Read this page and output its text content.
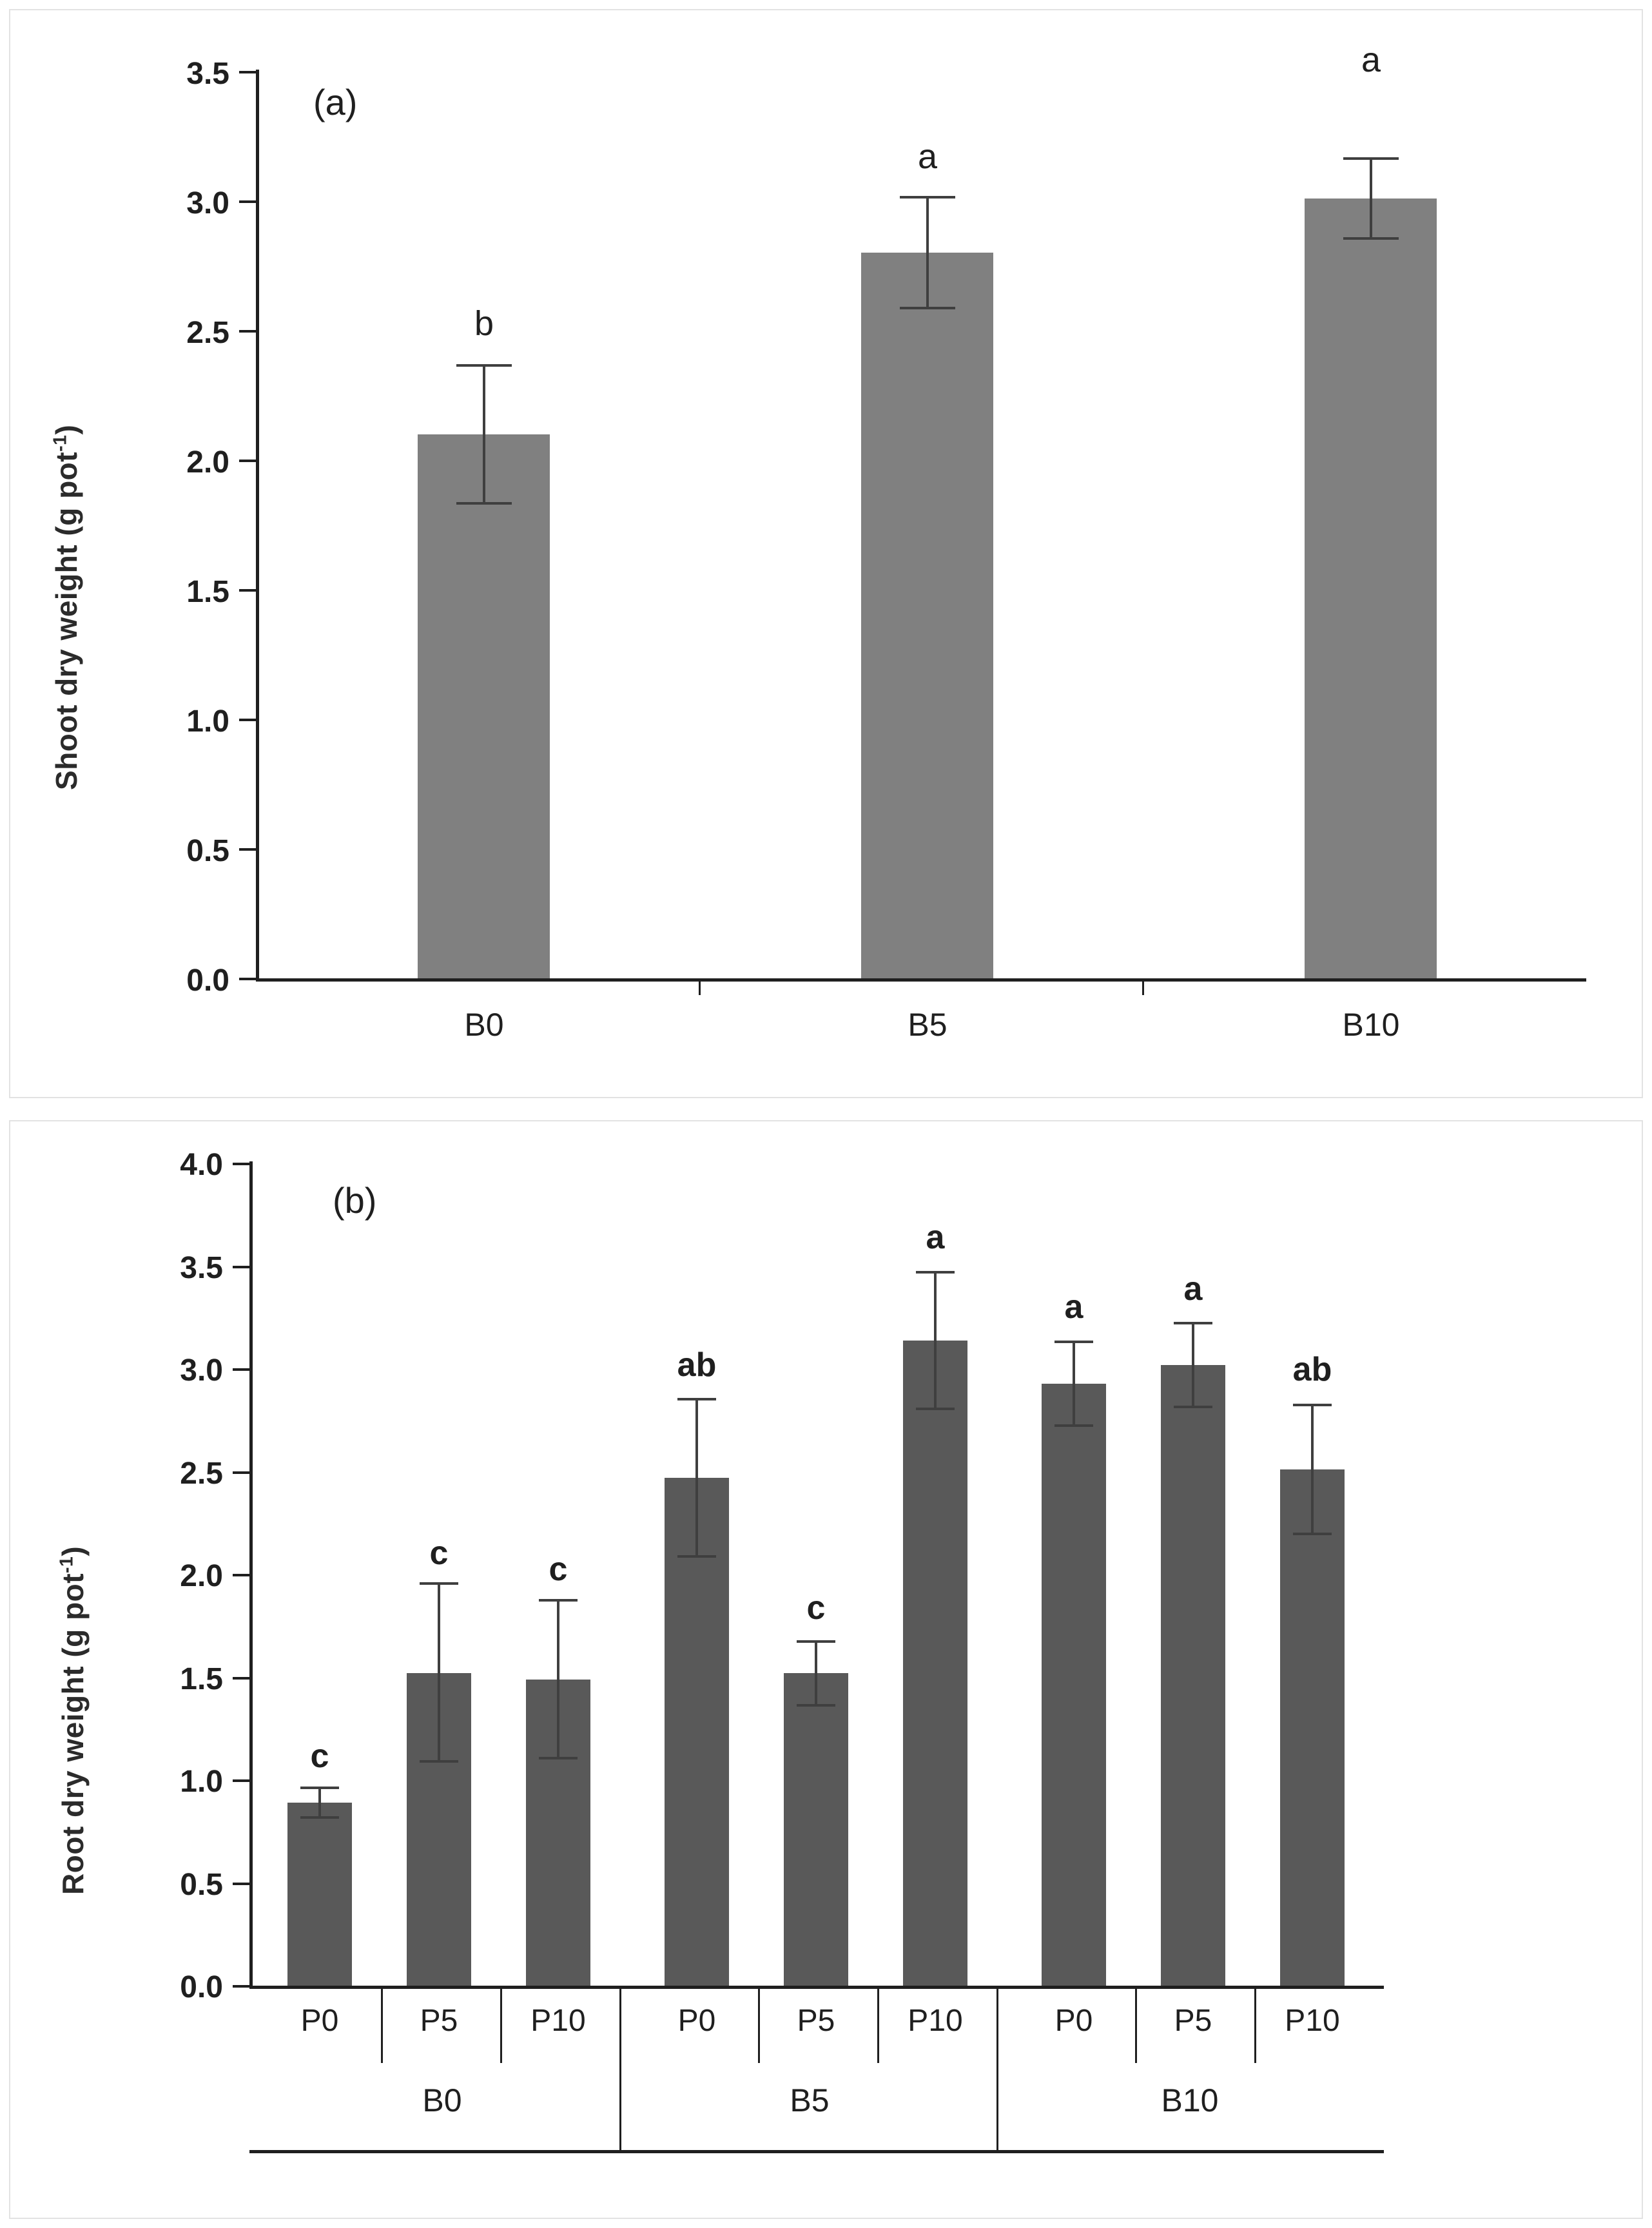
Shoot dry weight (g pot$^{-1}$)
0.0
0.5
1.0
1.5
2.0
2.5
3.0
3.5
(a)
b
a
a
B0	B5	B10
Root dry weight (g pot$^{-1}$)
0.0
0.5
1.0
1.5
2.0
2.5
3.0
3.5
4.0
(b)
c
c	c
ab
c
a
a	a
ab
P0	P5	P10	P0	P5	P10	P0	P5	P10
B0	B5	B10
